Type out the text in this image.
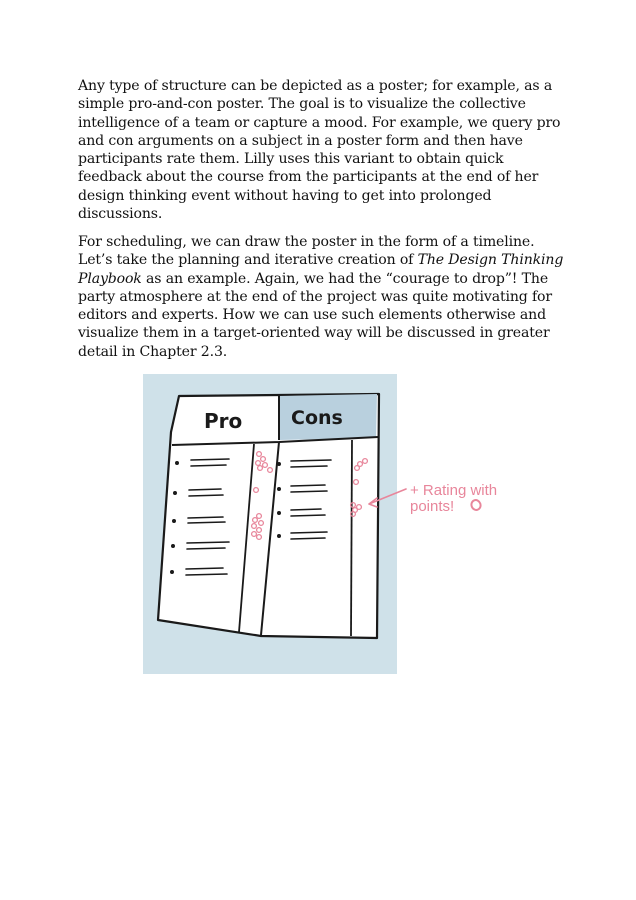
Any type of structure can be depicted as a poster; for example, as a simple pro-and-con poster. The goal is to visualize the collective intelligence of a team or capture a mood. For example, we query pro and con arguments on a subject in a poster form and then have participants rate them. Lilly uses this variant to obtain quick feedback about the course from the participants at the end of her design thinking event without having to get into prolonged discussions.

For scheduling, we can draw the poster in the form of a timeline. Let’s take the planning and iterative creation of The Design Thinking Playbook as an example. Again, we had the “courage to drop”! The party atmosphere at the end of the project was quite motivating for editors and experts. How we can use such elements otherwise and visualize them in a target-oriented way will be discussed in greater detail in Chapter 2.3.

Pro	Cons
+ Rating with
points!
